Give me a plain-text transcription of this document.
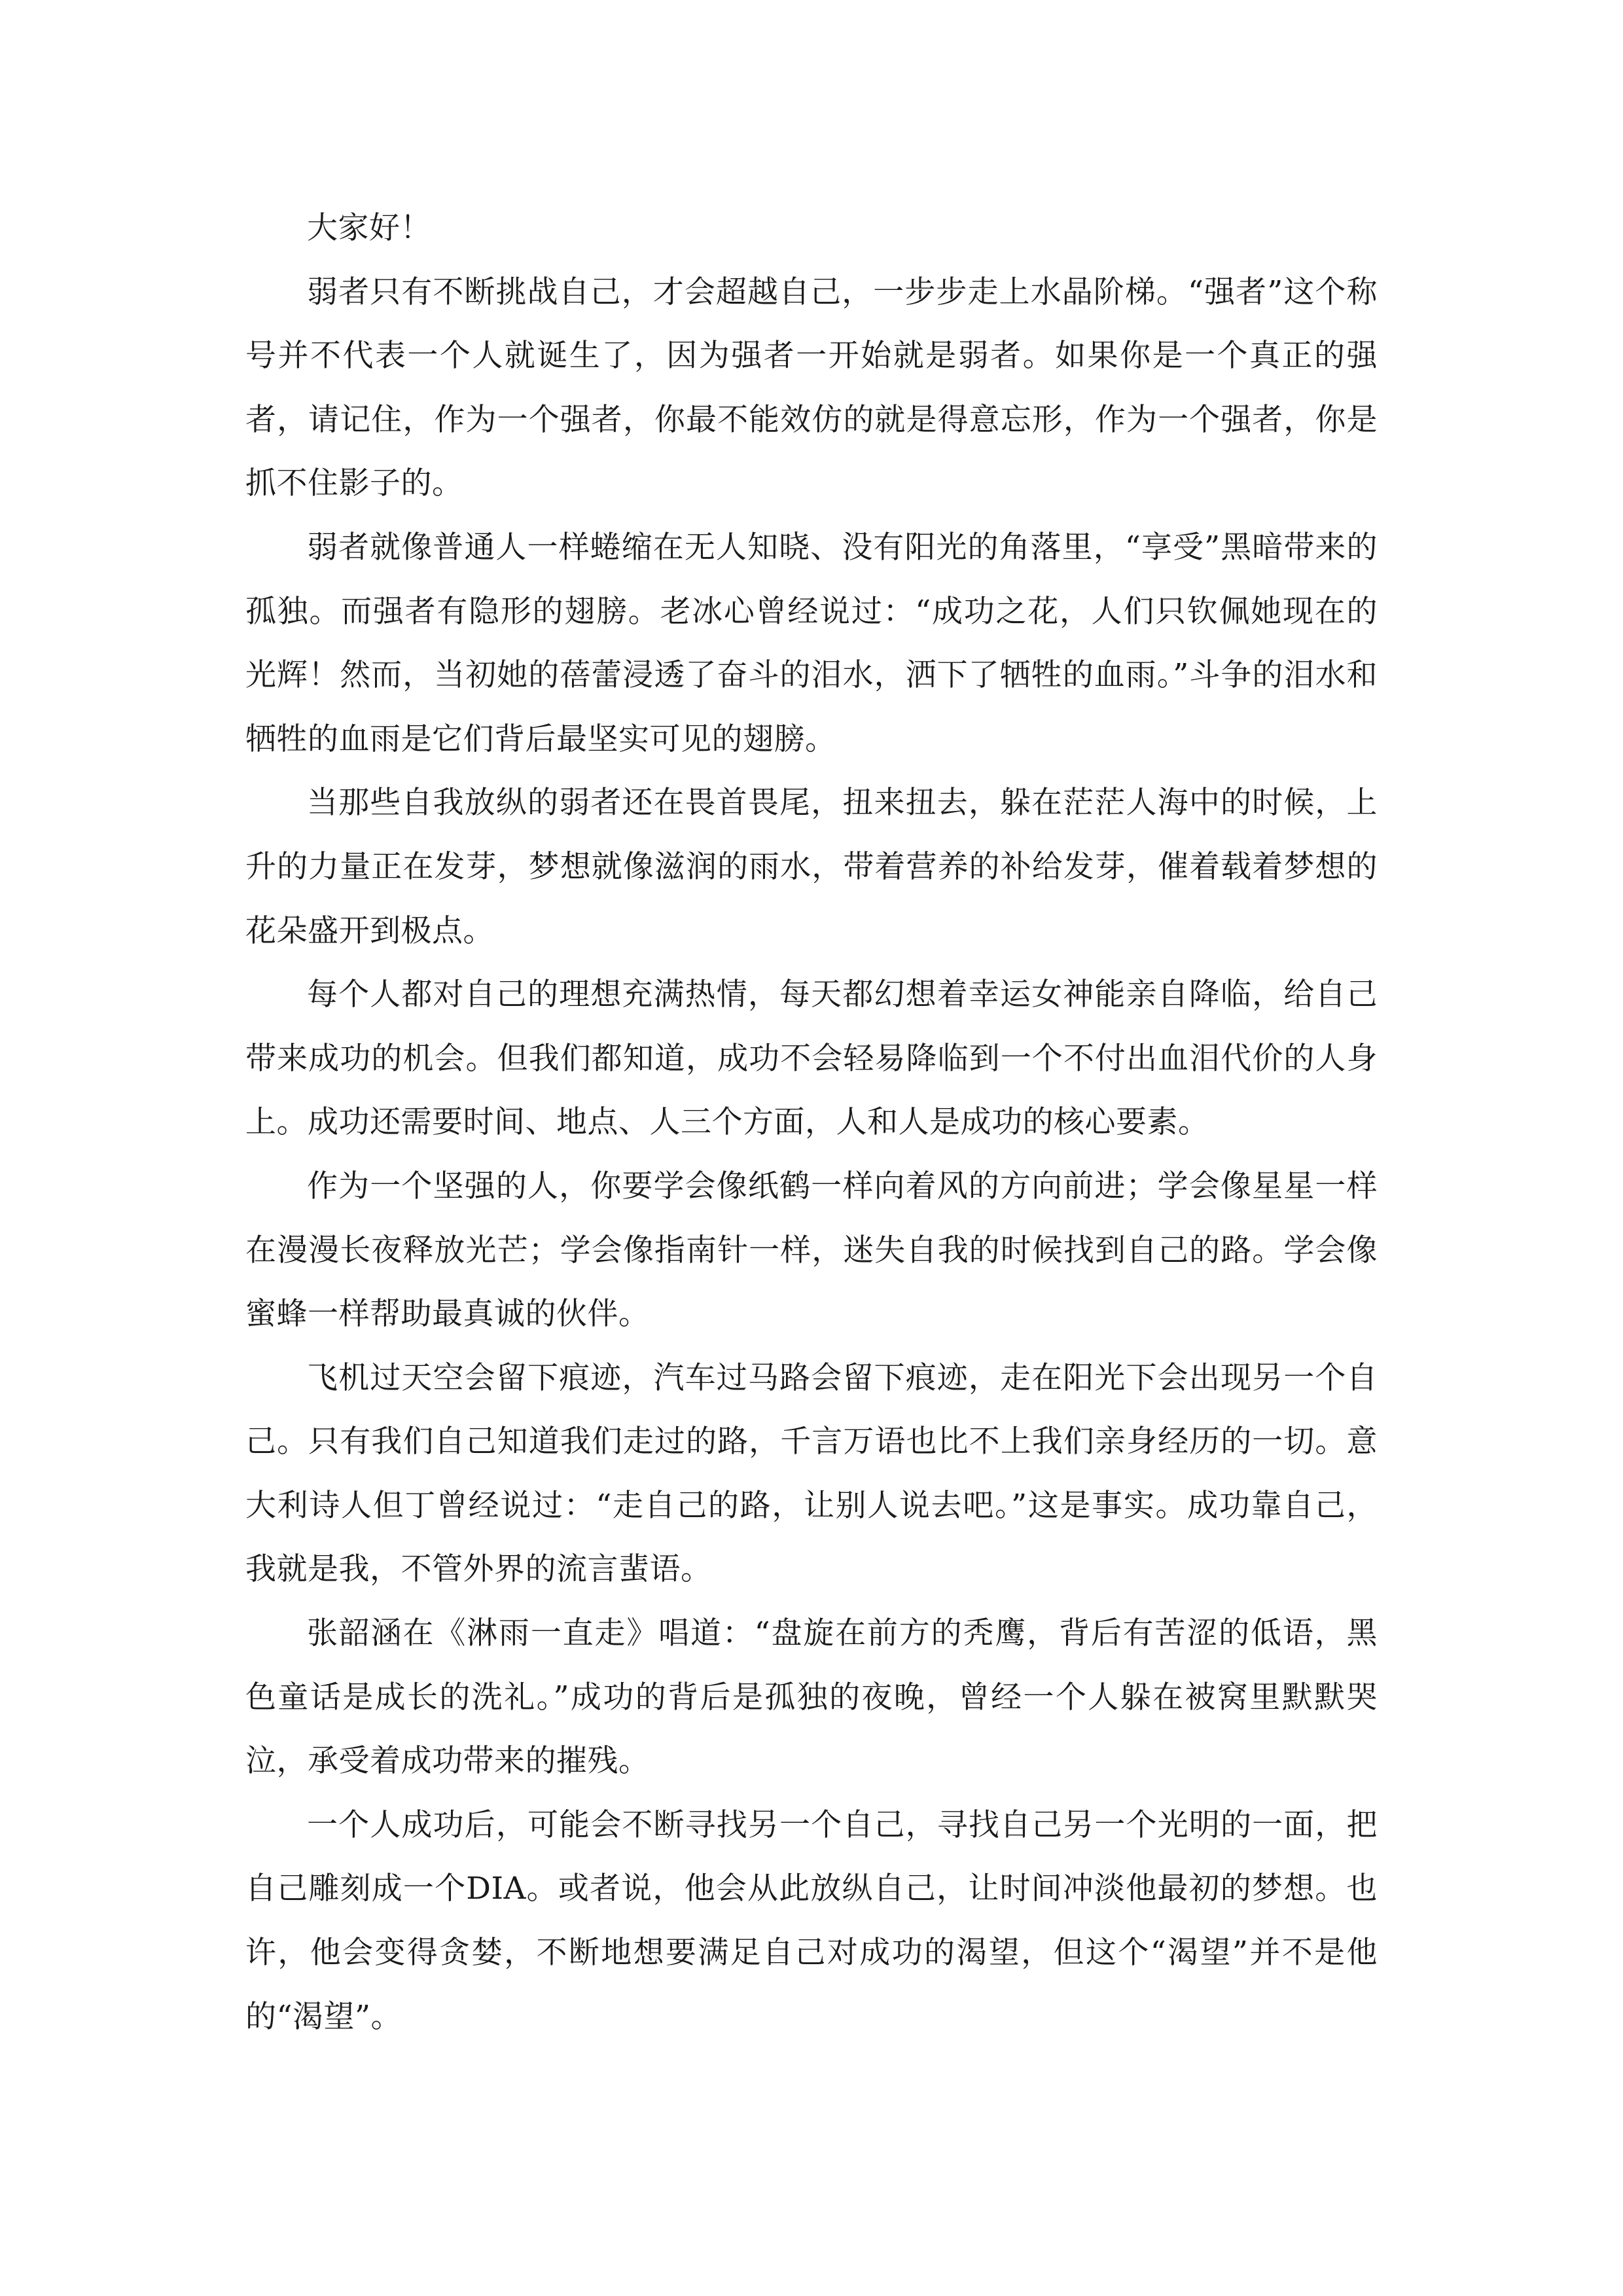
大家好！

弱者只有不断挑战自己，才会超越自己，一步步走上水晶阶梯。“强者”这个称号并不代表一个人就诞生了，因为强者一开始就是弱者。如果你是一个真正的强者，请记住，作为一个强者，你最不能效仿的就是得意忘形，作为一个强者，你是抓不住影子的。

弱者就像普通人一样蜷缩在无人知晓、没有阳光的角落里，“享受”黑暗带来的孤独。而强者有隐形的翅膀。老冰心曾经说过：“成功之花，人们只钦佩她现在的光辉！然而，当初她的蓓蕾浸透了奋斗的泪水，洒下了牺牲的血雨。”斗争的泪水和牺牲的血雨是它们背后最坚实可见的翅膀。

当那些自我放纵的弱者还在畏首畏尾，扭来扭去，躲在茫茫人海中的时候，上升的力量正在发芽，梦想就像滋润的雨水，带着营养的补给发芽，催着载着梦想的花朵盛开到极点。

每个人都对自己的理想充满热情，每天都幻想着幸运女神能亲自降临，给自己带来成功的机会。但我们都知道，成功不会轻易降临到一个不付出血泪代价的人身上。成功还需要时间、地点、人三个方面，人和人是成功的核心要素。

作为一个坚强的人，你要学会像纸鹤一样向着风的方向前进；学会像星星一样在漫漫长夜释放光芒；学会像指南针一样，迷失自我的时候找到自己的路。学会像蜜蜂一样帮助最真诚的伙伴。

飞机过天空会留下痕迹，汽车过马路会留下痕迹，走在阳光下会出现另一个自己。只有我们自己知道我们走过的路，千言万语也比不上我们亲身经历的一切。意大利诗人但丁曾经说过：“走自己的路，让别人说去吧。”这是事实。成功靠自己，我就是我，不管外界的流言蜚语。

张韶涵在《淋雨一直走》唱道：“盘旋在前方的秃鹰，背后有苦涩的低语，黑色童话是成长的洗礼。”成功的背后是孤独的夜晚，曾经一个人躲在被窝里默默哭泣，承受着成功带来的摧残。

一个人成功后，可能会不断寻找另一个自己，寻找自己另一个光明的一面，把自己雕刻成一个DIA。或者说，他会从此放纵自己，让时间冲淡他最初的梦想。也许，他会变得贪婪，不断地想要满足自己对成功的渴望，但这个“渴望”并不是他的“渴望”。
